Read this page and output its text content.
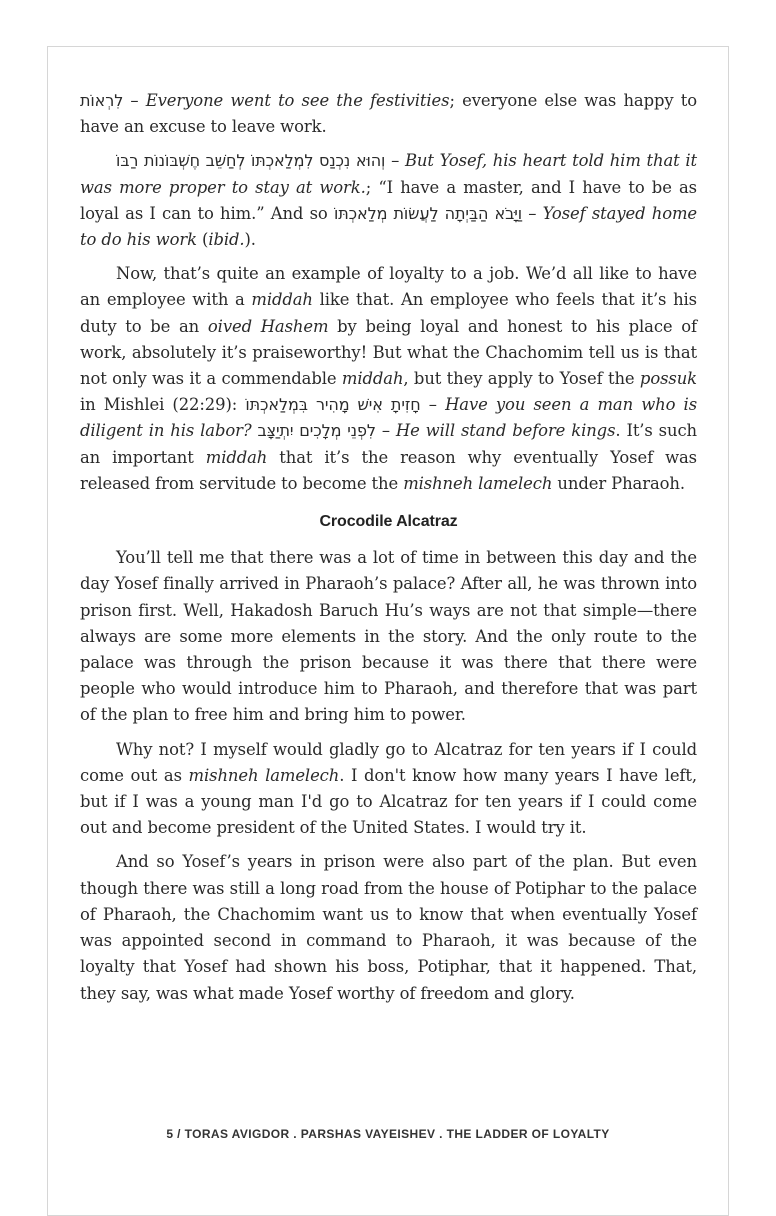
לִרְאוֹת – Everyone went to see the festivities; everyone else was happy to have an excuse to leave work.

וְהוּא נִכְנַס לִמְלַאכְתּוֹ לְחַשֵּׁב חֶשְׁבּוֹנוֹת רַבּוֹ – But Yosef, his heart told him that it was more proper to stay at work.; “I have a master, and I have to be as loyal as I can to him.” And so וַיָּבֹא הַבַּיְתָה לַעֲשׂוֹת מְלַאכְתּוֹ – Yosef stayed home to do his work (ibid.).

Now, that’s quite an example of loyalty to a job. We’d all like to have an employee with a middah like that. An employee who feels that it’s his duty to be an oived Hashem by being loyal and honest to his place of work, absolutely it’s praiseworthy! But what the Chachomim tell us is that not only was it a commendable middah, but they apply to Yosef the possuk in Mishlei (22:29): חָזִיתָ אִישׁ מָהִיר בִּמְלַאכְתּוֹ – Have you seen a man who is diligent in his labor? לִפְנֵי מְלָכִים יִתְיַצָּב – He will stand before kings. It’s such an important middah that it’s the reason why eventually Yosef was released from servitude to become the mishneh lamelech under Pharaoh.

Crocodile Alcatraz

You’ll tell me that there was a lot of time in between this day and the day Yosef finally arrived in Pharaoh’s palace? After all, he was thrown into prison first. Well, Hakadosh Baruch Hu’s ways are not that simple—there always are some more elements in the story. And the only route to the palace was through the prison because it was there that there were people who would introduce him to Pharaoh, and therefore that was part of the plan to free him and bring him to power.

Why not? I myself would gladly go to Alcatraz for ten years if I could come out as mishneh lamelech. I don't know how many years I have left, but if I was a young man I'd go to Alcatraz for ten years if I could come out and become president of the United States. I would try it.

And so Yosef’s years in prison were also part of the plan. But even though there was still a long road from the house of Potiphar to the palace of Pharaoh, the Chachomim want us to know that when eventually Yosef was appointed second in command to Pharaoh, it was because of the loyalty that Yosef had shown his boss, Potiphar, that it happened. That, they say, was what made Yosef worthy of freedom and glory.

5 / TORAS AVIGDOR . PARSHAS VAYEISHEV . THE LADDER OF LOYALTY
